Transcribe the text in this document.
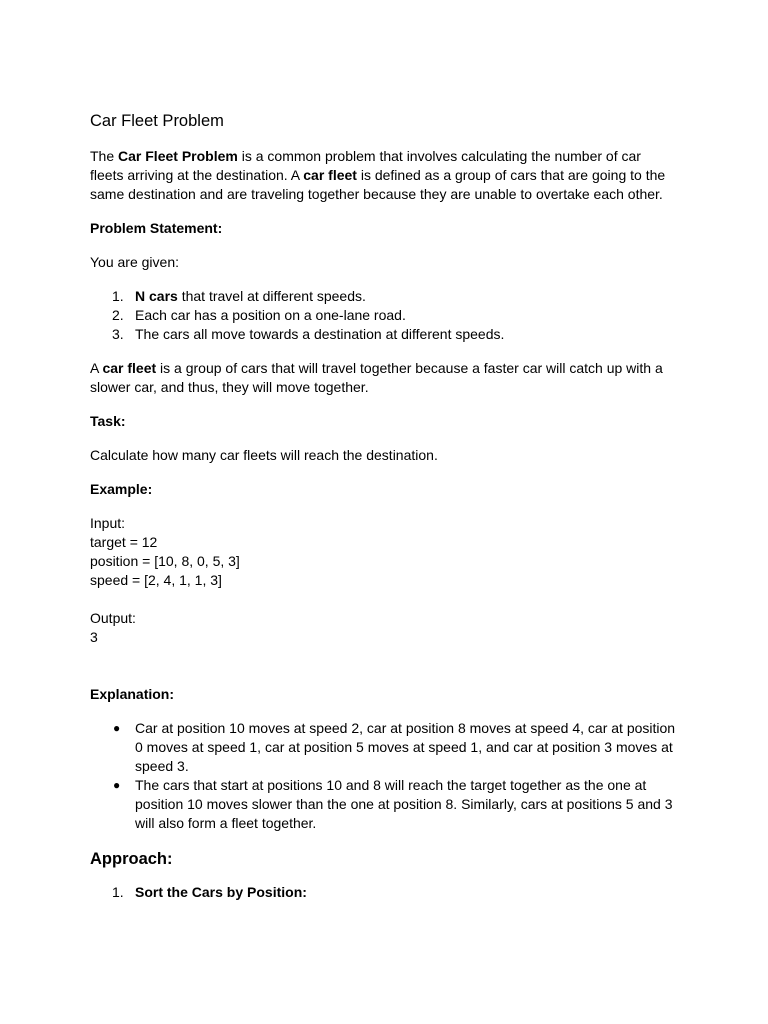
Car Fleet Problem

The Car Fleet Problem is a common problem that involves calculating the number of car fleets arriving at the destination. A car fleet is defined as a group of cars that are going to the same destination and are traveling together because they are unable to overtake each other.

Problem Statement:

You are given:

1. N cars that travel at different speeds.
2. Each car has a position on a one-lane road.
3. The cars all move towards a destination at different speeds.

A car fleet is a group of cars that will travel together because a faster car will catch up with a slower car, and thus, they will move together.

Task:

Calculate how many car fleets will reach the destination.

Example:

Input:
target = 12
position = [10, 8, 0, 5, 3]
speed = [2, 4, 1, 1, 3]
Output:
3

Explanation:

● Car at position 10 moves at speed 2, car at position 8 moves at speed 4, car at position 0 moves at speed 1, car at position 5 moves at speed 1, and car at position 3 moves at speed 3.
● The cars that start at positions 10 and 8 will reach the target together as the one at position 10 moves slower than the one at position 8. Similarly, cars at positions 5 and 3 will also form a fleet together.
Approach:
1. Sort the Cars by Position:
